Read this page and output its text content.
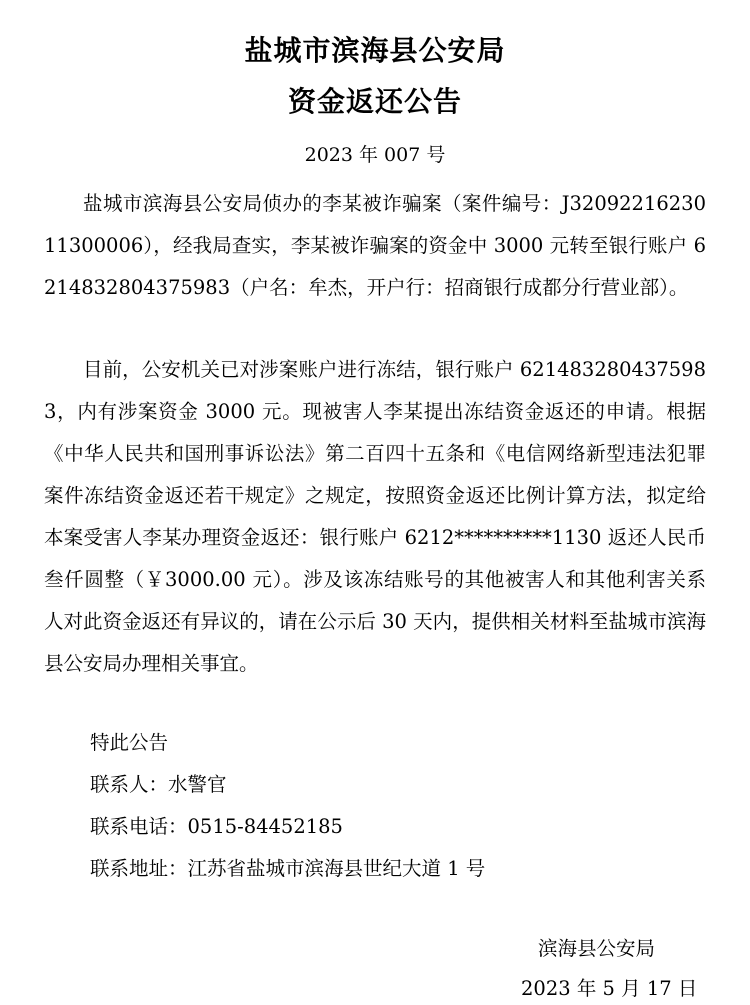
盐城市滨海县公安局
资金返还公告
2023 年 007 号

盐城市滨海县公安局侦办的李某被诈骗案（案件编号：J3209221623011300006），经我局查实，李某被诈骗案的资金中 3000 元转至银行账户 6214832804375983（户名：牟杰，开户行：招商银行成都分行营业部）。

目前，公安机关已对涉案账户进行冻结，银行账户 6214832804375983，内有涉案资金 3000 元。现被害人李某提出冻结资金返还的申请。根据《中华人民共和国刑事诉讼法》第二百四十五条和《电信网络新型违法犯罪案件冻结资金返还若干规定》之规定，按照资金返还比例计算方法，拟定给本案受害人李某办理资金返还：银行账户 6212**********1130 返还人民币叁仟圆整（￥3000.00 元）。涉及该冻结账号的其他被害人和其他利害关系人对此资金返还有异议的，请在公示后 30 天内，提供相关材料至盐城市滨海县公安局办理相关事宜。

特此公告
联系人：水警官
联系电话：0515-84452185
联系地址：江苏省盐城市滨海县世纪大道 1 号
滨海县公安局
2023 年 5 月 17 日
